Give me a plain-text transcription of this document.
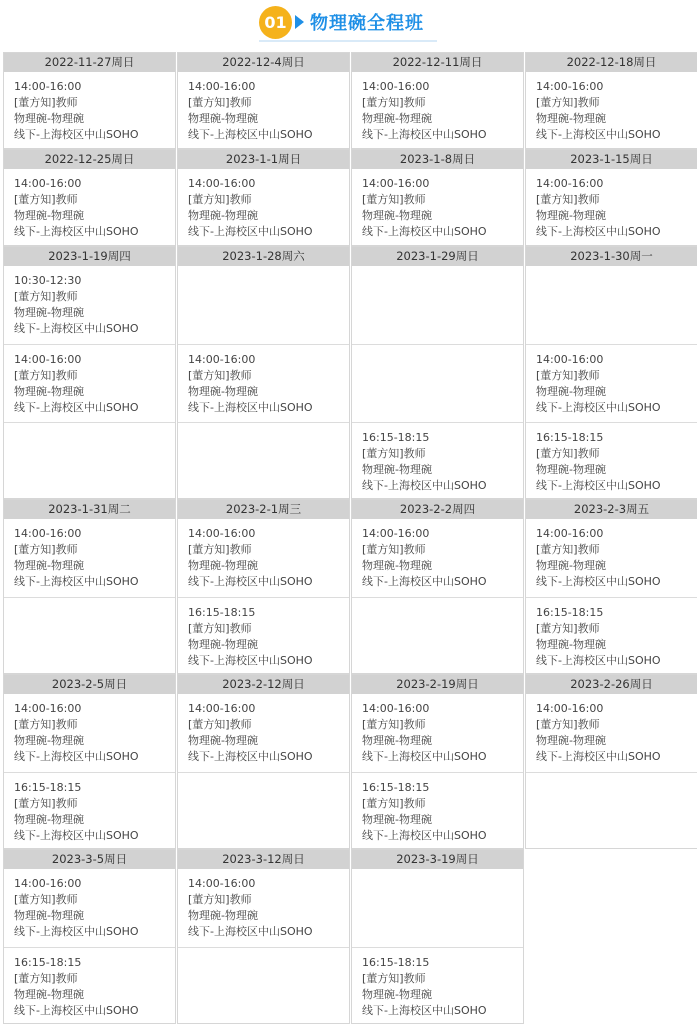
01 物理碗全程班
2022-11-27周日
14:00-16:00
[董方知]教师
物理碗-物理碗
线下-上海校区中山SOHO
2022-12-4周日
14:00-16:00
[董方知]教师
物理碗-物理碗
线下-上海校区中山SOHO
2022-12-11周日
14:00-16:00
[董方知]教师
物理碗-物理碗
线下-上海校区中山SOHO
2022-12-18周日
14:00-16:00
[董方知]教师
物理碗-物理碗
线下-上海校区中山SOHO
2022-12-25周日
14:00-16:00
[董方知]教师
物理碗-物理碗
线下-上海校区中山SOHO
2023-1-1周日
14:00-16:00
[董方知]教师
物理碗-物理碗
线下-上海校区中山SOHO
2023-1-8周日
14:00-16:00
[董方知]教师
物理碗-物理碗
线下-上海校区中山SOHO
2023-1-15周日
14:00-16:00
[董方知]教师
物理碗-物理碗
线下-上海校区中山SOHO
2023-1-19周四
10:30-12:30
[董方知]教师
物理碗-物理碗
线下-上海校区中山SOHO
14:00-16:00
[董方知]教师
物理碗-物理碗
线下-上海校区中山SOHO
2023-1-28周六
14:00-16:00
[董方知]教师
物理碗-物理碗
线下-上海校区中山SOHO
2023-1-29周日
16:15-18:15
[董方知]教师
物理碗-物理碗
线下-上海校区中山SOHO
2023-1-30周一
14:00-16:00
[董方知]教师
物理碗-物理碗
线下-上海校区中山SOHO
16:15-18:15
[董方知]教师
物理碗-物理碗
线下-上海校区中山SOHO
2023-1-31周二
14:00-16:00
[董方知]教师
物理碗-物理碗
线下-上海校区中山SOHO
2023-2-1周三
14:00-16:00
[董方知]教师
物理碗-物理碗
线下-上海校区中山SOHO
16:15-18:15
[董方知]教师
物理碗-物理碗
线下-上海校区中山SOHO
2023-2-2周四
14:00-16:00
[董方知]教师
物理碗-物理碗
线下-上海校区中山SOHO
2023-2-3周五
14:00-16:00
[董方知]教师
物理碗-物理碗
线下-上海校区中山SOHO
16:15-18:15
[董方知]教师
物理碗-物理碗
线下-上海校区中山SOHO
2023-2-5周日
14:00-16:00
[董方知]教师
物理碗-物理碗
线下-上海校区中山SOHO
16:15-18:15
[董方知]教师
物理碗-物理碗
线下-上海校区中山SOHO
2023-2-12周日
14:00-16:00
[董方知]教师
物理碗-物理碗
线下-上海校区中山SOHO
2023-2-19周日
14:00-16:00
[董方知]教师
物理碗-物理碗
线下-上海校区中山SOHO
16:15-18:15
[董方知]教师
物理碗-物理碗
线下-上海校区中山SOHO
2023-2-26周日
14:00-16:00
[董方知]教师
物理碗-物理碗
线下-上海校区中山SOHO
2023-3-5周日
14:00-16:00
[董方知]教师
物理碗-物理碗
线下-上海校区中山SOHO
16:15-18:15
[董方知]教师
物理碗-物理碗
线下-上海校区中山SOHO
2023-3-12周日
14:00-16:00
[董方知]教师
物理碗-物理碗
线下-上海校区中山SOHO
2023-3-19周日
16:15-18:15
[董方知]教师
物理碗-物理碗
线下-上海校区中山SOHO
